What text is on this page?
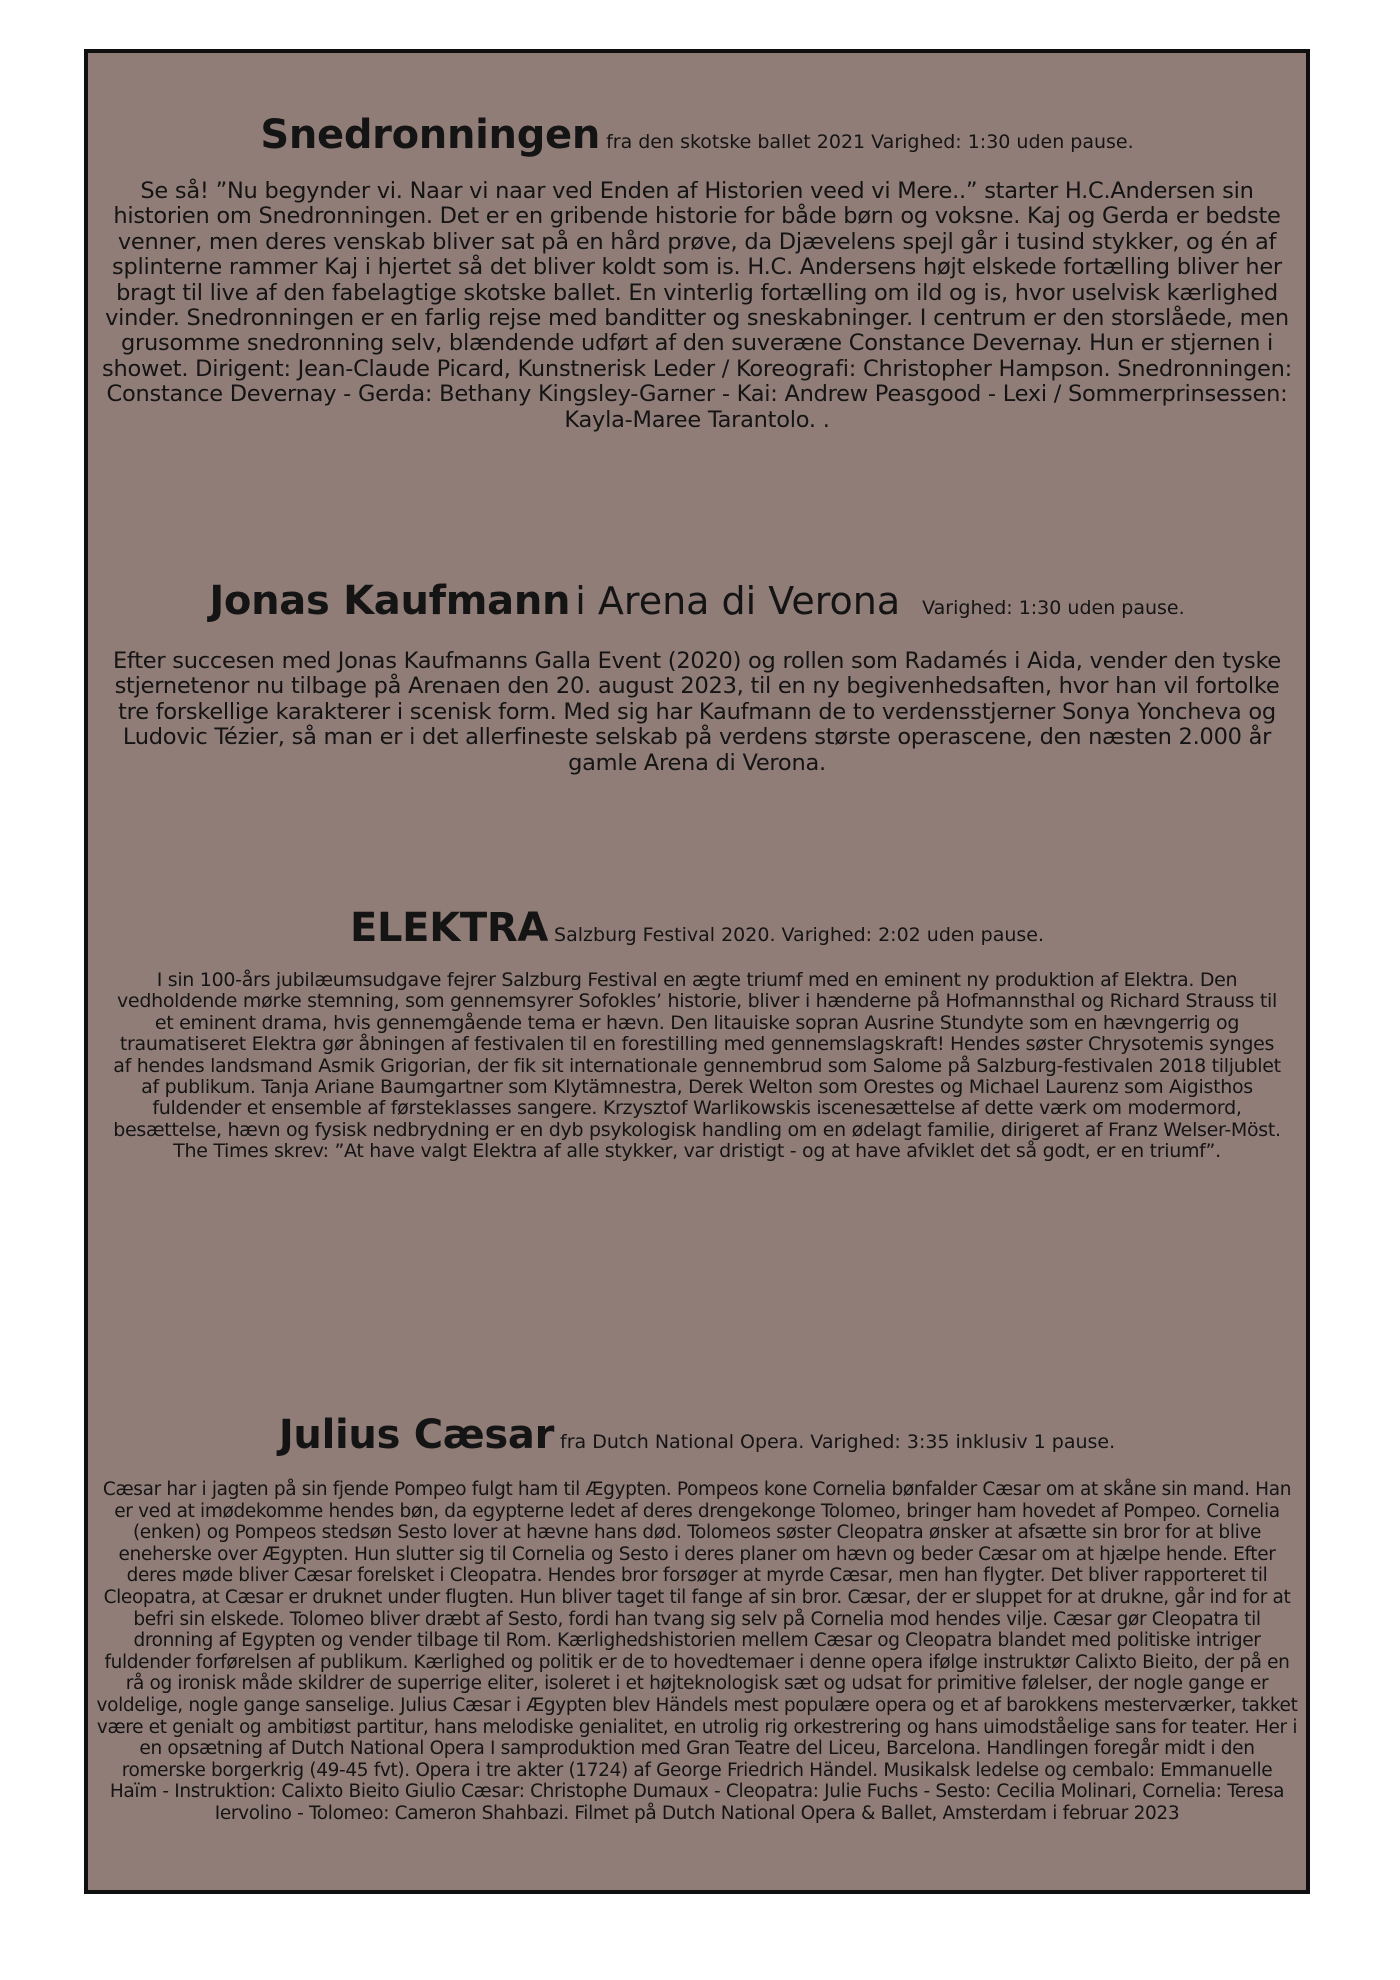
Snedronningen fra den skotske ballet 2021 Varighed: 1:30 uden pause.

Se så! ”Nu begynder vi. Naar vi naar ved Enden af Historien veed vi Mere..” starter H.C.Andersen sin historien om Snedronningen. Det er en gribende historie for både børn og voksne. Kaj og Gerda er bedste venner, men deres venskab bliver sat på en hård prøve, da Djævelens spejl går i tusind stykker, og én af splinterne rammer Kaj i hjertet så det bliver koldt som is. H.C. Andersens højt elskede fortælling bliver her bragt til live af den fabelagtige skotske ballet. En vinterlig fortælling om ild og is, hvor uselvisk kærlighed vinder. Snedronningen er en farlig rejse med banditter og sneskabninger. I centrum er den storslåede, men grusomme snedronning selv, blændende udført af den suveræne Constance Devernay. Hun er stjernen i showet. Dirigent: Jean-Claude Picard, Kunstnerisk Leder / Koreografi: Christopher Hampson. Snedronningen: Constance Devernay - Gerda: Bethany Kingsley-Garner - Kai: Andrew Peasgood - Lexi / Sommerprinsessen: Kayla-Maree Tarantolo. .

Jonas Kaufmann i Arena di Verona Varighed: 1:30 uden pause.

Efter succesen med Jonas Kaufmanns Galla Event (2020) og rollen som Radamés i Aida, vender den tyske stjernetenor nu tilbage på Arenaen den 20. august 2023, til en ny begivenhedsaften, hvor han vil fortolke tre forskellige karakterer i scenisk form. Med sig har Kaufmann de to verdensstjerner Sonya Yoncheva og Ludovic Tézier, så man er i det allerfineste selskab på verdens største operascene, den næsten 2.000 år gamle Arena di Verona.

ELEKTRA Salzburg Festival 2020. Varighed: 2:02 uden pause.

I sin 100-års jubilæumsudgave fejrer Salzburg Festival en ægte triumf med en eminent ny produktion af Elektra. Den vedholdende mørke stemning, som gennemsyrer Sofokles’ historie, bliver i hænderne på Hofmannsthal og Richard Strauss til et eminent drama, hvis gennemgående tema er hævn. Den litauiske sopran Ausrine Stundyte som en hævngerrig og traumatiseret Elektra gør åbningen af festivalen til en forestilling med gennemslagskraft! Hendes søster Chrysotemis synges af hendes landsmand Asmik Grigorian, der fik sit internationale gennembrud som Salome på Salzburg-festivalen 2018 tiljublet af publikum. Tanja Ariane Baumgartner som Klytämnestra, Derek Welton som Orestes og Michael Laurenz som Aigisthos fuldender et ensemble af førsteklasses sangere. Krzysztof Warlikowskis iscenesættelse af dette værk om modermord, besættelse, hævn og fysisk nedbrydning er en dyb psykologisk handling om en ødelagt familie, dirigeret af Franz Welser-Möst. The Times skrev: ”At have valgt Elektra af alle stykker, var dristigt - og at have afviklet det så godt, er en triumf”.

Julius Cæsar fra Dutch National Opera. Varighed: 3:35 inklusiv 1 pause.

Cæsar har i jagten på sin fjende Pompeo fulgt ham til Ægypten. Pompeos kone Cornelia bønfalder Cæsar om at skåne sin mand. Han er ved at imødekomme hendes bøn, da egypterne ledet af deres drengekonge Tolomeo, bringer ham hovedet af Pompeo. Cornelia (enken) og Pompeos stedsøn Sesto lover at hævne hans død. Tolomeos søster Cleopatra ønsker at afsætte sin bror for at blive eneherske over Ægypten. Hun slutter sig til Cornelia og Sesto i deres planer om hævn og beder Cæsar om at hjælpe hende. Efter deres møde bliver Cæsar forelsket i Cleopatra. Hendes bror forsøger at myrde Cæsar, men han flygter. Det bliver rapporteret til Cleopatra, at Cæsar er druknet under flugten. Hun bliver taget til fange af sin bror. Cæsar, der er sluppet for at drukne, går ind for at befri sin elskede. Tolomeo bliver dræbt af Sesto, fordi han tvang sig selv på Cornelia mod hendes vilje. Cæsar gør Cleopatra til dronning af Egypten og vender tilbage til Rom. Kærlighedshistorien mellem Cæsar og Cleopatra blandet med politiske intriger fuldender forførelsen af publikum. Kærlighed og politik er de to hovedtemaer i denne opera ifølge instruktør Calixto Bieito, der på en rå og ironisk måde skildrer de superrige eliter, isoleret i et højteknologisk sæt og udsat for primitive følelser, der nogle gange er voldelige, nogle gange sanselige. Julius Cæsar i Ægypten blev Händels mest populære opera og et af barokkens mesterværker, takket være et genialt og ambitiøst partitur, hans melodiske genialitet, en utrolig rig orkestrering og hans uimodståelige sans for teater. Her i en opsætning af Dutch National Opera I samproduktion med Gran Teatre del Liceu, Barcelona. Handlingen foregår midt i den romerske borgerkrig (49-45 fvt). Opera i tre akter (1724) af George Friedrich Händel. Musikalsk ledelse og cembalo: Emmanuelle Haïm - Instruktion: Calixto Bieito Giulio Cæsar: Christophe Dumaux - Cleopatra: Julie Fuchs - Sesto: Cecilia Molinari, Cornelia: Teresa Iervolino - Tolomeo: Cameron Shahbazi. Filmet på Dutch National Opera & Ballet, Amsterdam i februar 2023
